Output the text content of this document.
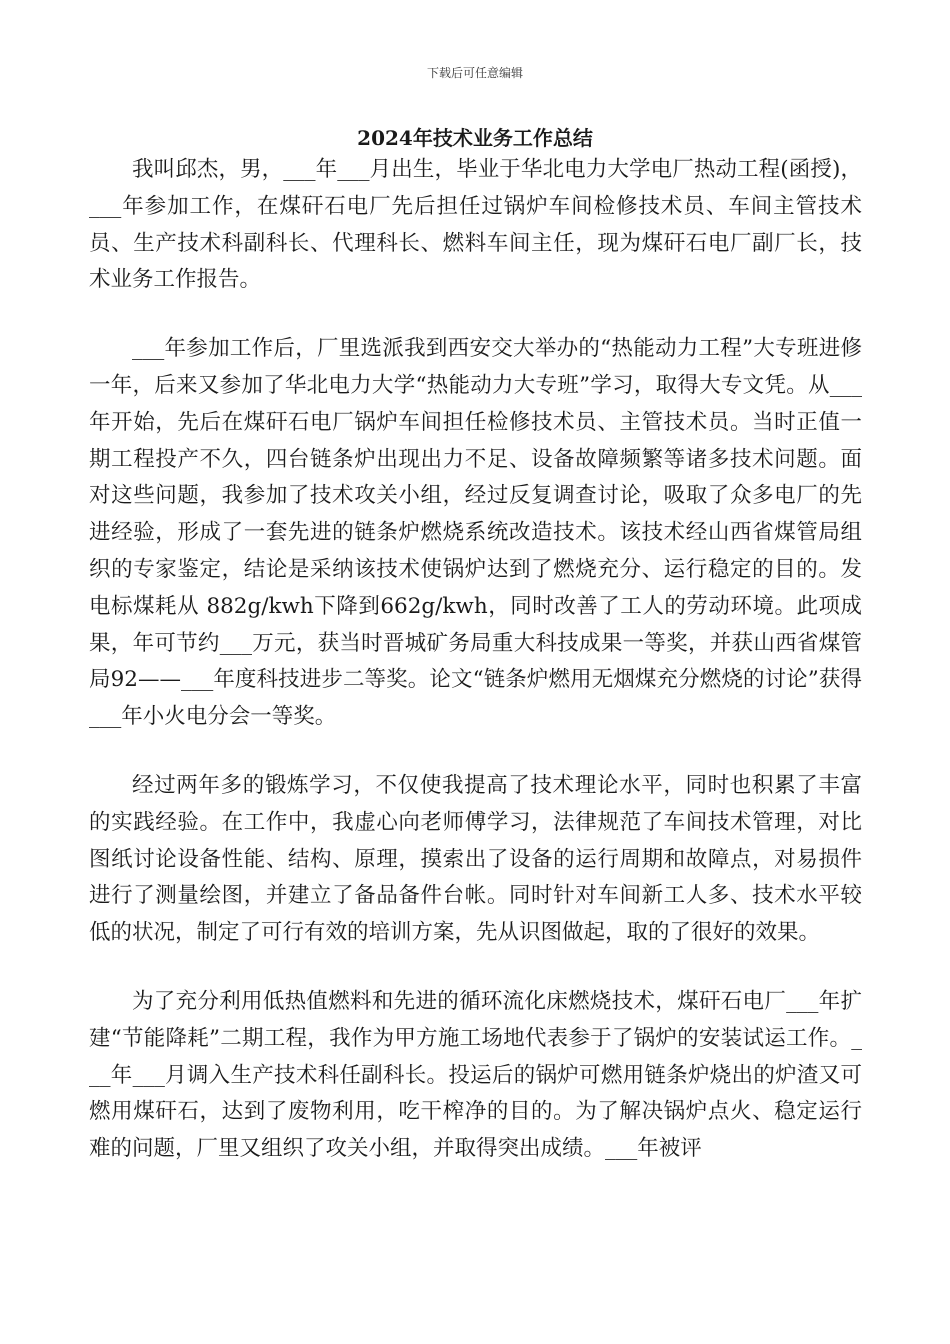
下载后可任意编辑
2024年技术业务工作总结

我叫邱杰，男，___年___月出生，毕业于华北电力大学电厂热动工程(函授)，___年参加工作，在煤矸石电厂先后担任过锅炉车间检修技术员、车间主管技术员、生产技术科副科长、代理科长、燃料车间主任，现为煤矸石电厂副厂长，技术业务工作报告。

___年参加工作后，厂里选派我到西安交大举办的“热能动力工程”大专班进修一年，后来又参加了华北电力大学“热能动力大专班”学习，取得大专文凭。从___年开始，先后在煤矸石电厂锅炉车间担任检修技术员、主管技术员。当时正值一期工程投产不久，四台链条炉出现出力不足、设备故障频繁等诸多技术问题。面对这些问题，我参加了技术攻关小组，经过反复调查讨论，吸取了众多电厂的先进经验，形成了一套先进的链条炉燃烧系统改造技术。该技术经山西省煤管局组织的专家鉴定，结论是采纳该技术使锅炉达到了燃烧充分、运行稳定的目的。发电标煤耗从 882g/kwh下降到662g/kwh，同时改善了工人的劳动环境。此项成果，年可节约___万元，获当时晋城矿务局重大科技成果一等奖，并获山西省煤管局92——___年度科技进步二等奖。论文“链条炉燃用无烟煤充分燃烧的讨论”获得___年小火电分会一等奖。

经过两年多的锻炼学习，不仅使我提高了技术理论水平，同时也积累了丰富的实践经验。在工作中，我虚心向老师傅学习，法律规范了车间技术管理，对比图纸讨论设备性能、结构、原理，摸索出了设备的运行周期和故障点，对易损件进行了测量绘图，并建立了备品备件台帐。同时针对车间新工人多、技术水平较低的状况，制定了可行有效的培训方案，先从识图做起，取的了很好的效果。

为了充分利用低热值燃料和先进的循环流化床燃烧技术，煤矸石电厂___年扩建“节能降耗”二期工程，我作为甲方施工场地代表参于了锅炉的安装试运工作。___年___月调入生产技术科任副科长。投运后的锅炉可燃用链条炉烧出的炉渣又可燃用煤矸石，达到了废物利用，吃干榨净的目的。为了解决锅炉点火、稳定运行难的问题，厂里又组织了攻关小组，并取得突出成绩。___年被评
